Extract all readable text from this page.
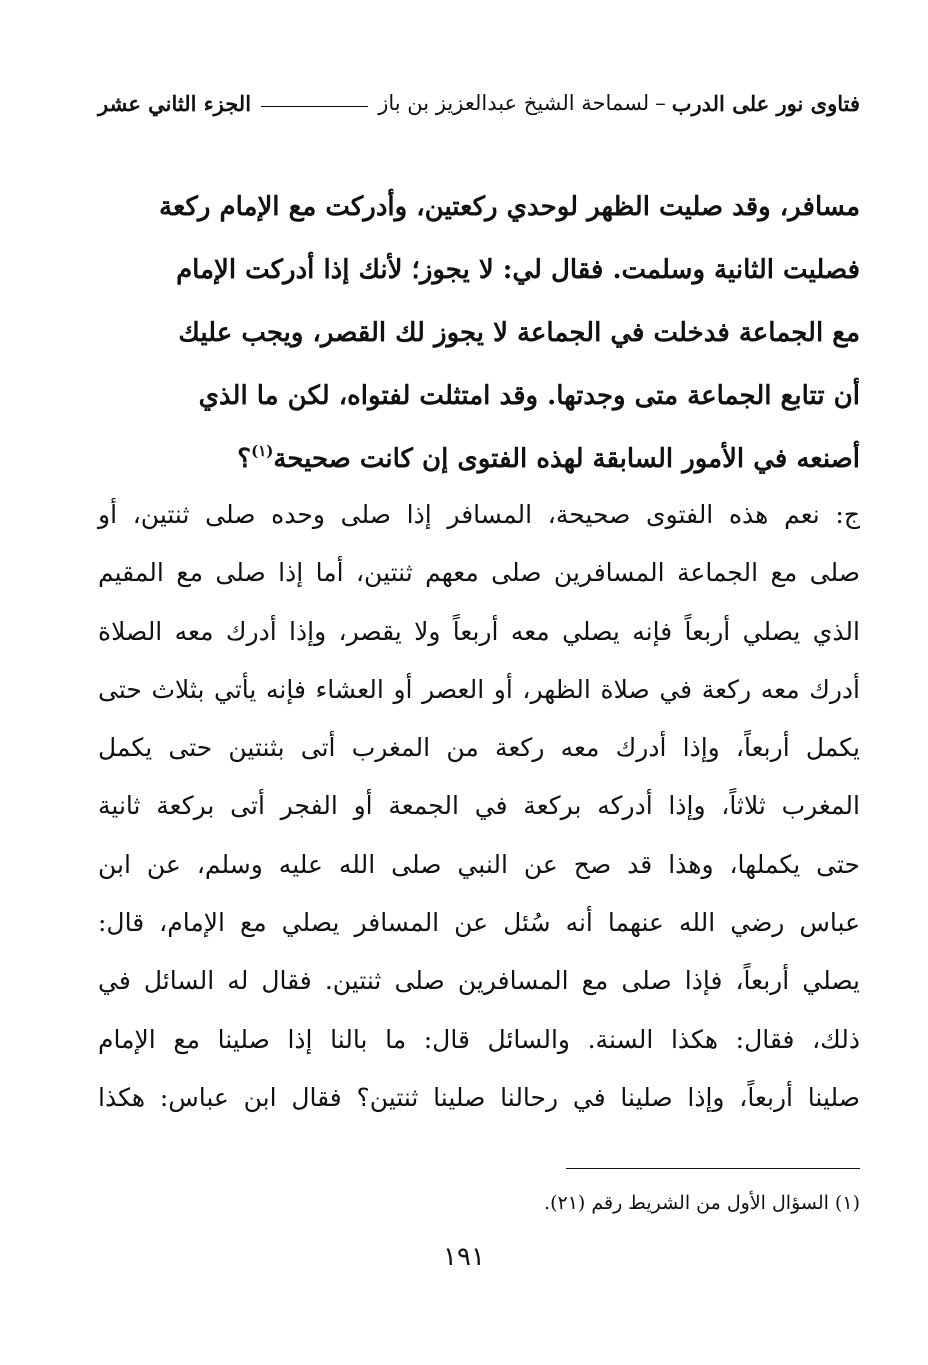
فتاوى نور على الدرب
–
لسماحة الشيخ عبدالعزيز بن باز
الجزء الثاني عشر
مسافر، وقد صليت الظهر لوحدي ركعتين، وأدركت مع الإمام ركعة
فصليت الثانية وسلمت. فقال لي: لا يجوز؛ لأنك إذا أدركت الإمام
مع الجماعة فدخلت في الجماعة لا يجوز لك القصر، ويجب عليك
أن تتابع الجماعة متى وجدتها. وقد امتثلت لفتواه، لكن ما الذي
أصنعه في الأمور السابقة لهذه الفتوى إن كانت صحيحة$^{(١)}$؟
ج: نعم هذه الفتوى صحيحة، المسافر إذا صلى وحده صلى ثنتين، أو
صلى مع الجماعة المسافرين صلى معهم ثنتين، أما إذا صلى مع المقيم
الذي يصلي أربعاً فإنه يصلي معه أربعاً ولا يقصر، وإذا أدرك معه الصلاة
أدرك معه ركعة في صلاة الظهر، أو العصر أو العشاء فإنه يأتي بثلاث حتى
يكمل أربعاً، وإذا أدرك معه ركعة من المغرب أتى بثنتين حتى يكمل
المغرب ثلاثاً، وإذا أدركه بركعة في الجمعة أو الفجر أتى بركعة ثانية
حتى يكملها، وهذا قد صح عن النبي صلى الله عليه وسلم، عن ابن
عباس رضي الله عنهما أنه سُئل عن المسافر يصلي مع الإمام، قال:
يصلي أربعاً، فإذا صلى مع المسافرين صلى ثنتين. فقال له السائل في
ذلك، فقال: هكذا السنة. والسائل قال: ما بالنا إذا صلينا مع الإمام
صلينا أربعاً، وإذا صلينا في رحالنا صلينا ثنتين؟ فقال ابن عباس: هكذا
(١) السؤال الأول من الشريط رقم (٢١).
١٩١
